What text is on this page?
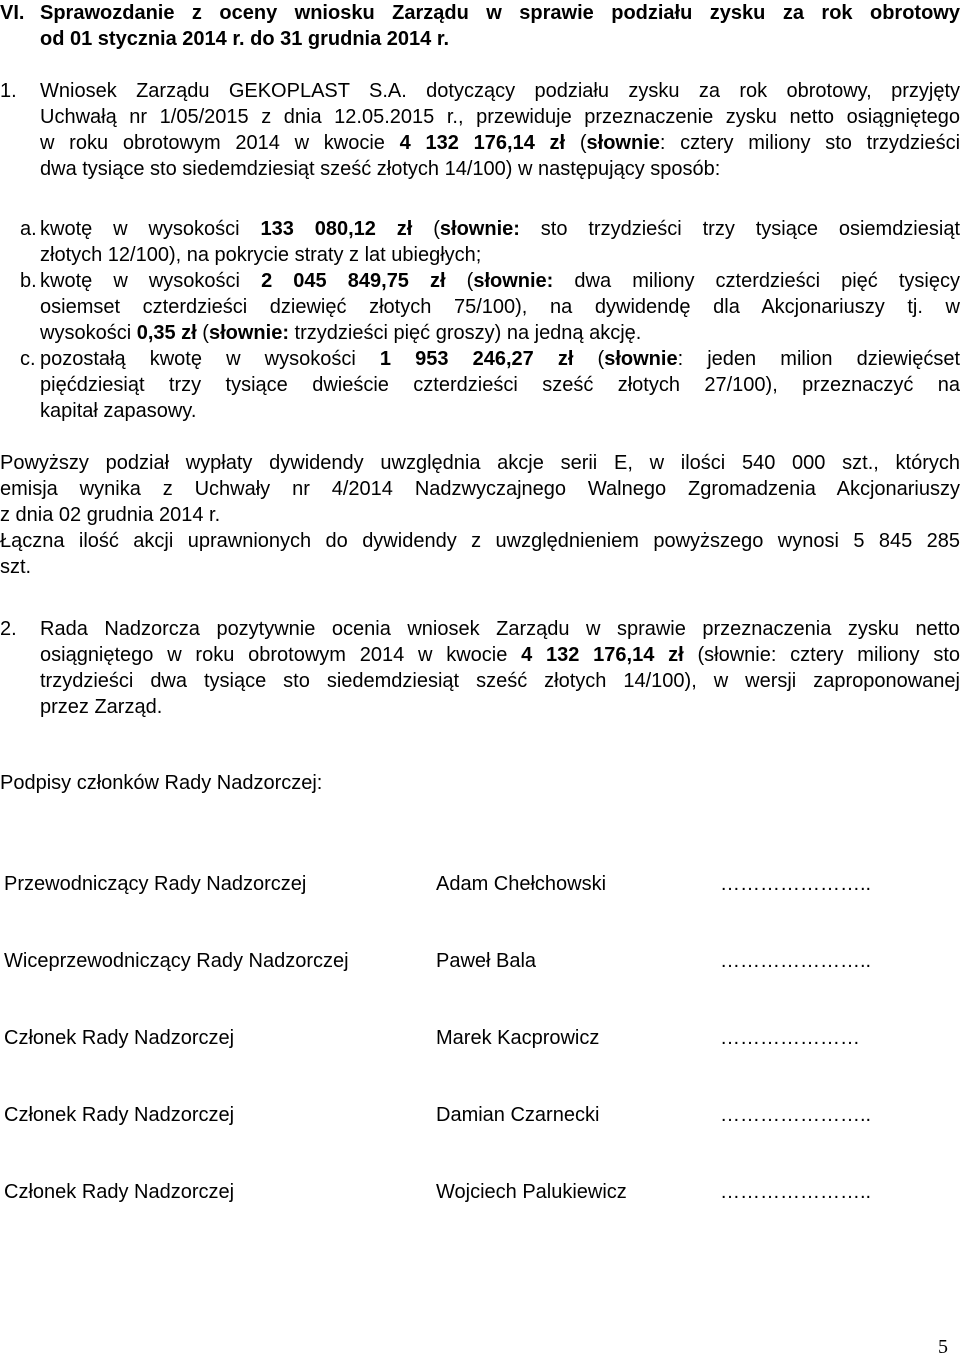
VI. Sprawozdanie z oceny wniosku Zarządu w sprawie podziału zysku za rok obrotowy
od 01 stycznia 2014 r. do 31 grudnia 2014 r.
1. Wniosek Zarządu GEKOPLAST S.A. dotyczący podziału zysku za rok obrotowy, przyjęty
Uchwałą nr 1/05/2015 z dnia 12.05.2015 r., przewiduje przeznaczenie zysku netto osiągniętego
w roku obrotowym 2014 w kwocie 4 132 176,14 zł (słownie: cztery miliony sto trzydzieści
dwa tysiące sto siedemdziesiąt sześć złotych 14/100) w następujący sposób:
a. kwotę w wysokości 133 080,12 zł (słownie: sto trzydzieści trzy tysiące osiemdziesiąt
złotych 12/100), na pokrycie straty z lat ubiegłych;
b. kwotę w wysokości 2 045 849,75 zł (słownie: dwa miliony czterdzieści pięć tysięcy
osiemset czterdzieści dziewięć złotych 75/100), na dywidendę dla Akcjonariuszy tj. w
wysokości 0,35 zł (słownie: trzydzieści pięć groszy) na jedną akcję.
c. pozostałą kwotę w wysokości 1 953 246,27 zł (słownie: jeden milion dziewięćset
pięćdziesiąt trzy tysiące dwieście czterdzieści sześć złotych 27/100), przeznaczyć na
kapitał zapasowy.
Powyższy podział wypłaty dywidendy uwzględnia akcje serii E, w ilości 540 000 szt., których
emisja wynika z Uchwały nr 4/2014 Nadzwyczajnego Walnego Zgromadzenia Akcjonariuszy
z dnia 02 grudnia 2014 r.
Łączna ilość akcji uprawnionych do dywidendy z uwzględnieniem powyższego wynosi 5 845 285
szt.
2. Rada Nadzorcza pozytywnie ocenia wniosek Zarządu w sprawie przeznaczenia zysku netto
osiągniętego w roku obrotowym 2014 w kwocie 4 132 176,14 zł (słownie: cztery miliony sto
trzydzieści dwa tysiące sto siedemdziesiąt sześć złotych 14/100), w wersji zaproponowanej
przez Zarząd.
Podpisy członków Rady Nadzorczej:
Przewodniczący Rady Nadzorczej	Adam Chełchowski	…………………..
Wiceprzewodniczący Rady Nadzorczej	Paweł Bala	…………………..
Członek Rady Nadzorczej	Marek Kacprowicz	…………………
Członek Rady Nadzorczej	Damian Czarnecki	…………………..
Członek Rady Nadzorczej	Wojciech Palukiewicz	…………………..
5
